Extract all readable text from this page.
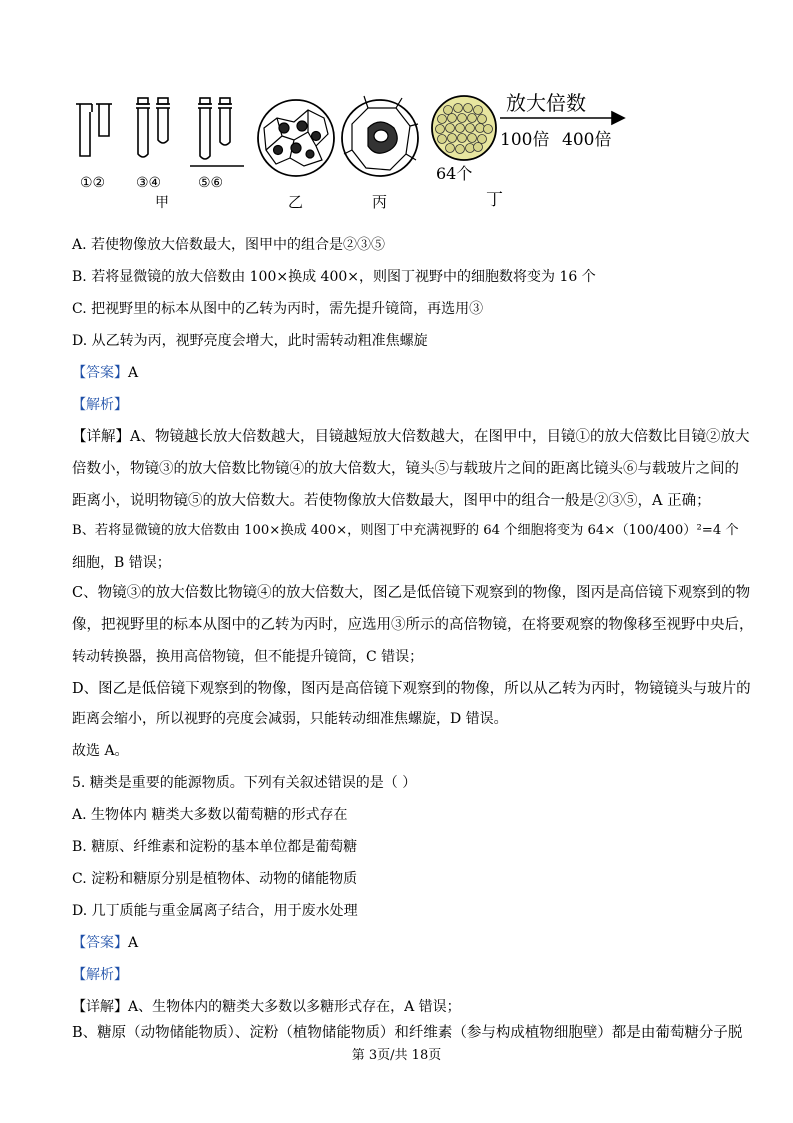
①② ③④	⑤⑥
甲	乙	丙
64个
丁
放大倍数
100倍 400倍
A. 若使物像放大倍数最大，图甲中的组合是②③⑤
B. 若将显微镜的放大倍数由 100×换成 400×，则图丁视野中的细胞数将变为 16 个
C. 把视野里的标本从图中的乙转为丙时，需先提升镜筒，再选用③
D. 从乙转为丙，视野亮度会增大，此时需转动粗准焦螺旋
【答案】A
【解析】
【详解】A、物镜越长放大倍数越大，目镜越短放大倍数越大，在图甲中，目镜①的放大倍数比目镜②放大
倍数小，物镜③的放大倍数比物镜④的放大倍数大，镜头⑤与载玻片之间的距离比镜头⑥与载玻片之间的
距离小，说明物镜⑤的放大倍数大。若使物像放大倍数最大，图甲中的组合一般是②③⑤，A 正确；
B、若将显微镜的放大倍数由 100×换成 400×，则图丁中充满视野的 64 个细胞将变为 64×（100/400）²=4 个
细胞，B 错误；
C、物镜③的放大倍数比物镜④的放大倍数大，图乙是低倍镜下观察到的物像，图丙是高倍镜下观察到的物
像，把视野里的标本从图中的乙转为丙时，应选用③所示的高倍物镜，在将要观察的物像移至视野中央后，
转动转换器，换用高倍物镜，但不能提升镜筒，C 错误；
D、图乙是低倍镜下观察到的物像，图丙是高倍镜下观察到的物像，所以从乙转为丙时，物镜镜头与玻片的
距离会缩小，所以视野的亮度会减弱，只能转动细准焦螺旋，D 错误。
故选 A。
5. 糖类是重要的能源物质。下列有关叙述错误的是（ ）
A. 生物体内 糖类大多数以葡萄糖的形式存在
B. 糖原、纤维素和淀粉的基本单位都是葡萄糖
C. 淀粉和糖原分别是植物体、动物的储能物质
D. 几丁质能与重金属离子结合，用于废水处理
【答案】A
【解析】
【详解】A、生物体内的糖类大多数以多糖形式存在，A 错误；
B、糖原（动物储能物质）、淀粉（植物储能物质）和纤维素（参与构成植物细胞壁）都是由葡萄糖分子脱
第 3页/共 18页
